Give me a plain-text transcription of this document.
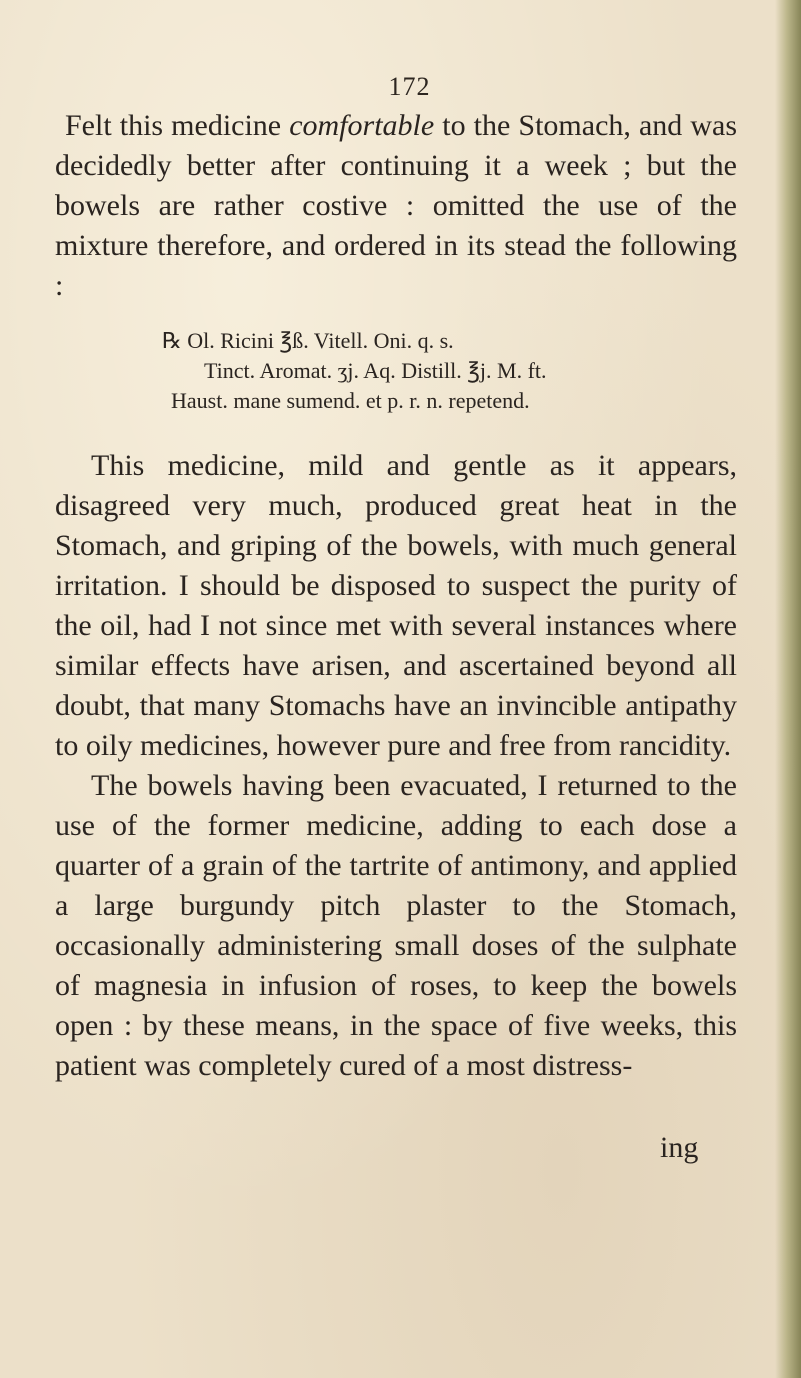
172

Felt this medicine comfortable to the Stomach, and was decidedly better after continuing it a week ; but the bowels are rather costive : omitted the use of the mixture therefore, and ordered in its stead the following :

℞ Ol. Ricini ℥ß. Vitell. Oni. q. s.
Tinct. Aromat. ʒj. Aq. Distill. ℥j. M. ft.
Haust. mane sumend. et p. r. n. repetend.

This medicine, mild and gentle as it appears, disagreed very much, produced great heat in the Stomach, and griping of the bowels, with much general irritation. I should be disposed to suspect the purity of the oil, had I not since met with several instances where similar effects have arisen, and ascertained beyond all doubt, that many Stomachs have an invincible antipathy to oily medicines, however pure and free from rancidity.

The bowels having been evacuated, I returned to the use of the former medicine, adding to each dose a quarter of a grain of the tartrite of antimony, and applied a large burgundy pitch plaster to the Stomach, occasionally administering small doses of the sulphate of magnesia in infusion of roses, to keep the bowels open : by these means, in the space of five weeks, this patient was completely cured of a most distress-

ing
